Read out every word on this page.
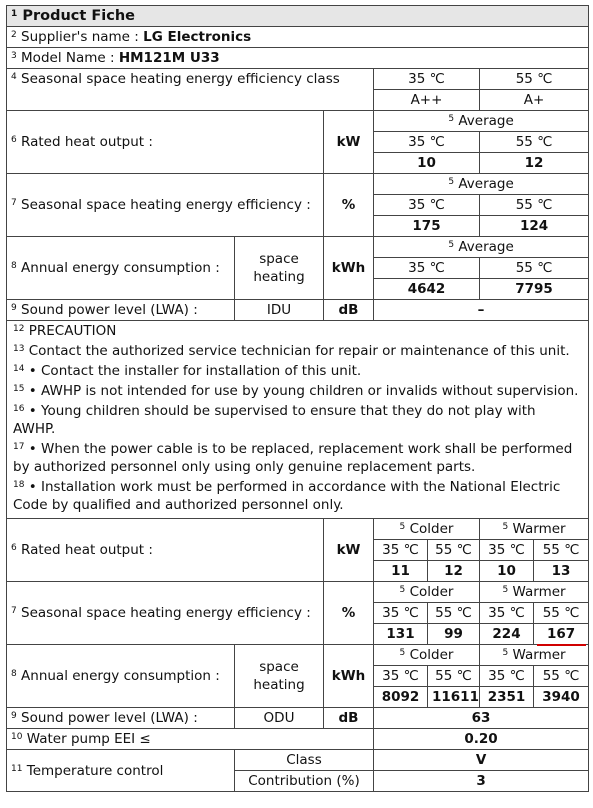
$^1$ Product Fiche						
$^2$ Supplier's name : LG Electronics						
$^3$ Model Name : HM121M U33						
$^4$ Seasonal space heating energy efficiency class			35 ℃		55 ℃	
			A++		A+	
$^6$ Rated heat output :		kW	$^5$ Average			
			35 ℃		55 ℃	
			10		12	
$^7$ Seasonal space heating energy efficiency :		%	$^5$ Average			
			35 ℃		55 ℃	
			175		124	
$^8$ Annual energy consumption :	space heating	kWh	$^5$ Average			
			35 ℃		55 ℃	
			4642		7795	
$^9$ Sound power level (LWA) :	IDU	dB	–			
$^{12}$ PRECAUTION						
$^{13}$ Contact the authorized service technician for repair or maintenance of this unit.						
$^{14}$ • Contact the installer for installation of this unit.						
$^{15}$ • AWHP is not intended for use by young children or invalids without supervision.						
$^{16}$ • Young children should be supervised to ensure that they do not play with AWHP.						
$^{17}$ • When the power cable is to be replaced, replacement work shall be performed by authorized personnel only using only genuine replacement parts.						
$^{18}$ • Installation work must be performed in accordance with the National Electric Code by qualified and authorized personnel only.						
$^6$ Rated heat output :		kW	$^5$ Colder		$^5$ Warmer	
			35 ℃	55 ℃	35 ℃	55 ℃
			11	12	10	13
$^7$ Seasonal space heating energy efficiency :		%	$^5$ Colder		$^5$ Warmer	
			35 ℃	55 ℃	35 ℃	55 ℃
			131	99	224	167
$^8$ Annual energy consumption :	space heating	kWh	$^5$ Colder		$^5$ Warmer	
			35 ℃	55 ℃	35 ℃	55 ℃
			8092	11611	2351	3940
$^9$ Sound power level (LWA) :	ODU	dB	63			
$^{10}$ Water pump EEI ≤			0.20			
$^{11}$ Temperature control	Class		V			
	Contribution (%)		3			
